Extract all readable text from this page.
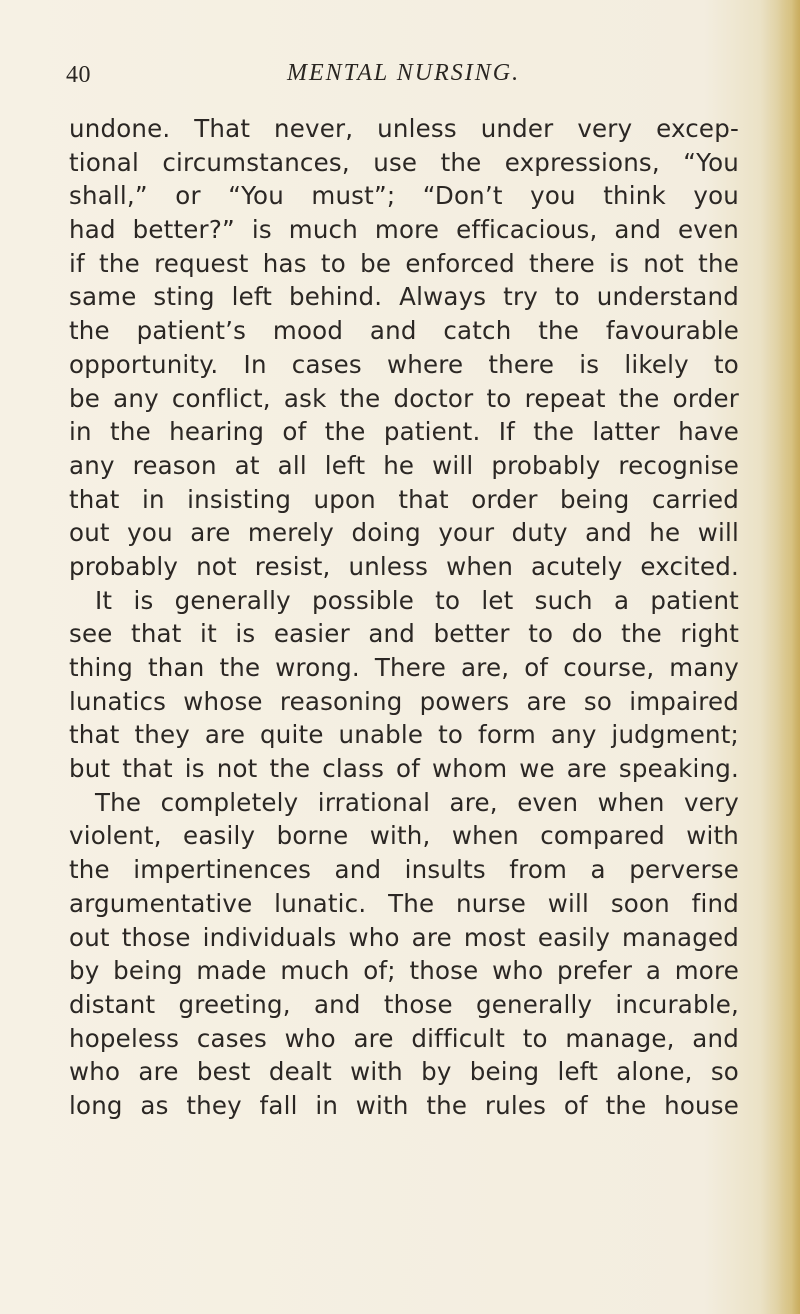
40	MENTAL NURSING.
undone. That never, unless under very excep-
tional circumstances, use the expressions, “You
shall,” or “You must”; “Don’t you think you
had better?” is much more efficacious, and even
if the request has to be enforced there is not the
same sting left behind. Always try to understand
the patient’s mood and catch the favourable
opportunity. In cases where there is likely to
be any conflict, ask the doctor to repeat the order
in the hearing of the patient. If the latter have
any reason at all left he will probably recognise
that in insisting upon that order being carried
out you are merely doing your duty and he will
probably not resist, unless when acutely excited.
It is generally possible to let such a patient
see that it is easier and better to do the right
thing than the wrong. There are, of course, many
lunatics whose reasoning powers are so impaired
that they are quite unable to form any judgment;
but that is not the class of whom we are speaking.
The completely irrational are, even when very
violent, easily borne with, when compared with
the impertinences and insults from a perverse
argumentative lunatic. The nurse will soon find
out those individuals who are most easily managed
by being made much of; those who prefer a more
distant greeting, and those generally incurable,
hopeless cases who are difficult to manage, and
who are best dealt with by being left alone, so
long as they fall in with the rules of the house
